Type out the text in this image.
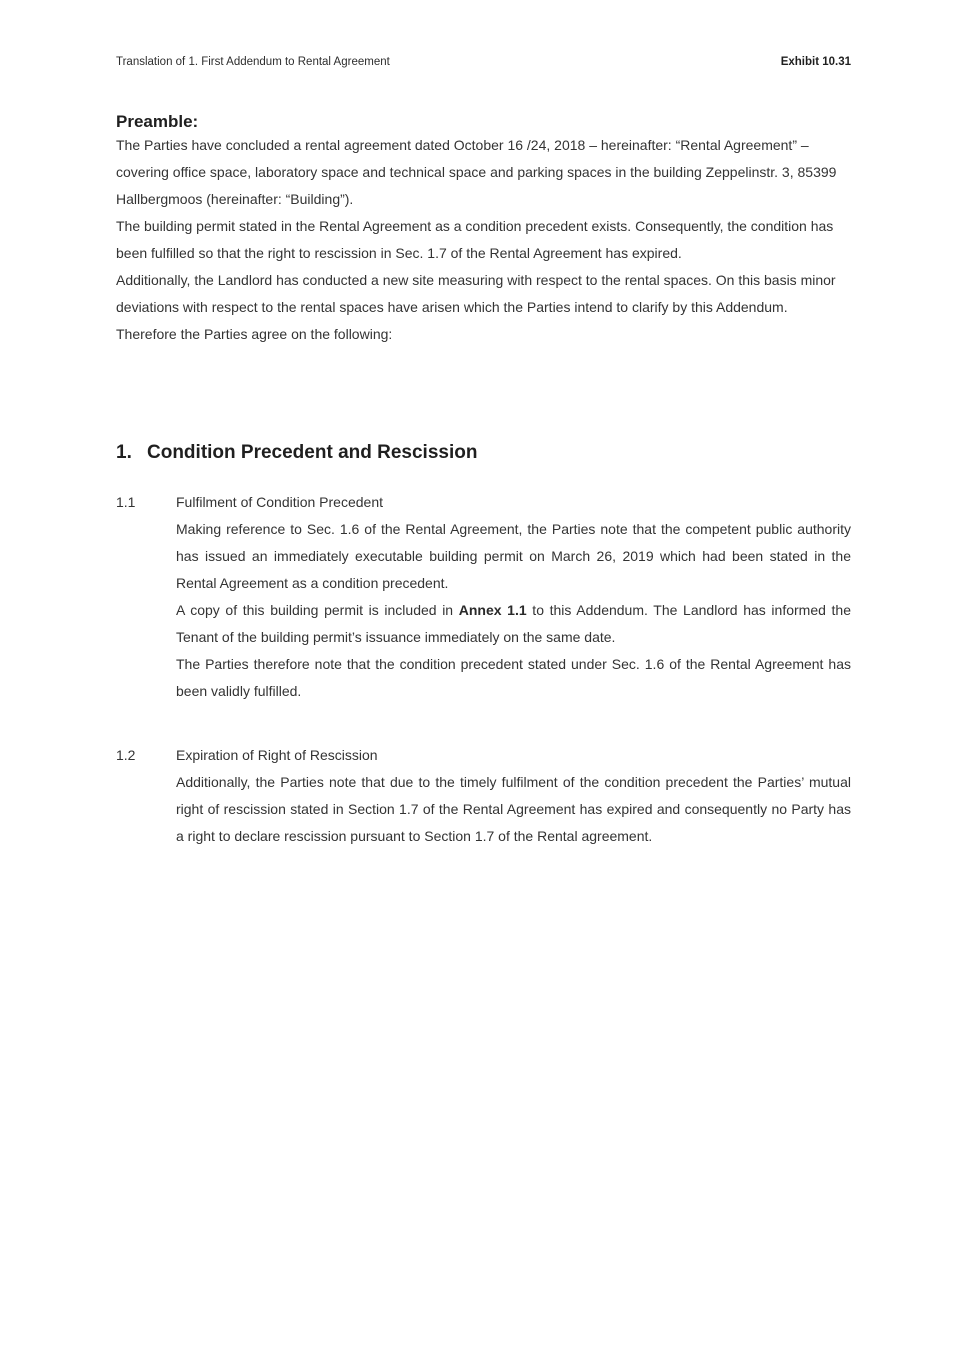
Translation of 1. First Addendum to Rental Agreement	Exhibit 10.31
Preamble:

The Parties have concluded a rental agreement dated October 16 /24, 2018 – hereinafter: “Rental Agreement” – covering office space, laboratory space and technical space and parking spaces in the building Zeppelinstr. 3, 85399 Hallbergmoos (hereinafter: “Building”).

The building permit stated in the Rental Agreement as a condition precedent exists. Consequently, the condition has been fulfilled so that the right to rescission in Sec. 1.7 of the Rental Agreement has expired.

Additionally, the Landlord has conducted a new site measuring with respect to the rental spaces. On this basis minor deviations with respect to the rental spaces have arisen which the Parties intend to clarify by this Addendum.

Therefore the Parties agree on the following:

1. Condition Precedent and Rescission
1.1	Fulfilment of Condition Precedent

Making reference to Sec. 1.6 of the Rental Agreement, the Parties note that the competent public authority has issued an immediately executable building permit on March 26, 2019 which had been stated in the Rental Agreement as a condition precedent.

A copy of this building permit is included in Annex 1.1 to this Addendum. The Landlord has informed the Tenant of the building permit’s issuance immediately on the same date.

The Parties therefore note that the condition precedent stated under Sec. 1.6 of the Rental Agreement has been validly fulfilled.

1.2	Expiration of Right of Rescission

Additionally, the Parties note that due to the timely fulfilment of the condition precedent the Parties’ mutual right of rescission stated in Section 1.7 of the Rental Agreement has expired and consequently no Party has a right to declare rescission pursuant to Section 1.7 of the Rental agreement.
